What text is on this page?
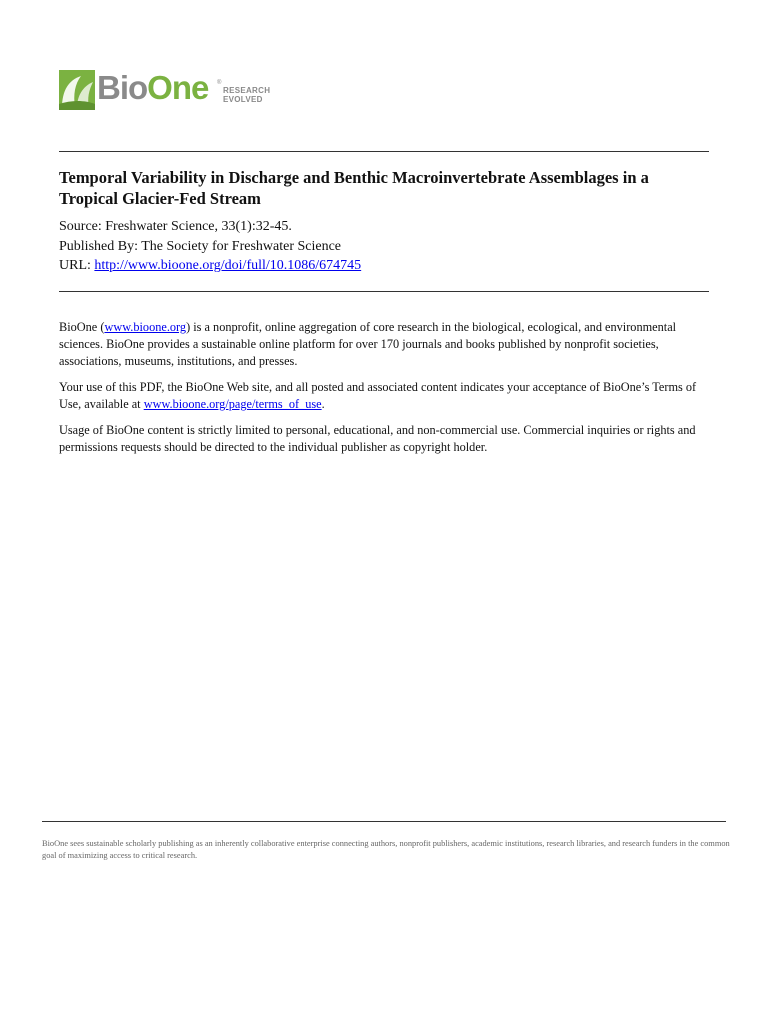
BioOne ®
RESEARCH
EVOLVED
Temporal Variability in Discharge and Benthic Macroinvertebrate Assemblages in a Tropical Glacier-Fed Stream
Source: Freshwater Science, 33(1):32-45.
Published By: The Society for Freshwater Science
URL: http://www.bioone.org/doi/full/10.1086/674745

BioOne (www.bioone.org) is a nonprofit, online aggregation of core research in the biological, ecological, and environmental sciences. BioOne provides a sustainable online platform for over 170 journals and books published by nonprofit societies, associations, museums, institutions, and presses.

Your use of this PDF, the BioOne Web site, and all posted and associated content indicates your acceptance of BioOne’s Terms of Use, available at www.bioone.org/page/terms_of_use.

Usage of BioOne content is strictly limited to personal, educational, and non-commercial use. Commercial inquiries or rights and permissions requests should be directed to the individual publisher as copyright holder.

BioOne sees sustainable scholarly publishing as an inherently collaborative enterprise connecting authors, nonprofit publishers, academic institutions, research libraries, and research funders in the common goal of maximizing access to critical research.
